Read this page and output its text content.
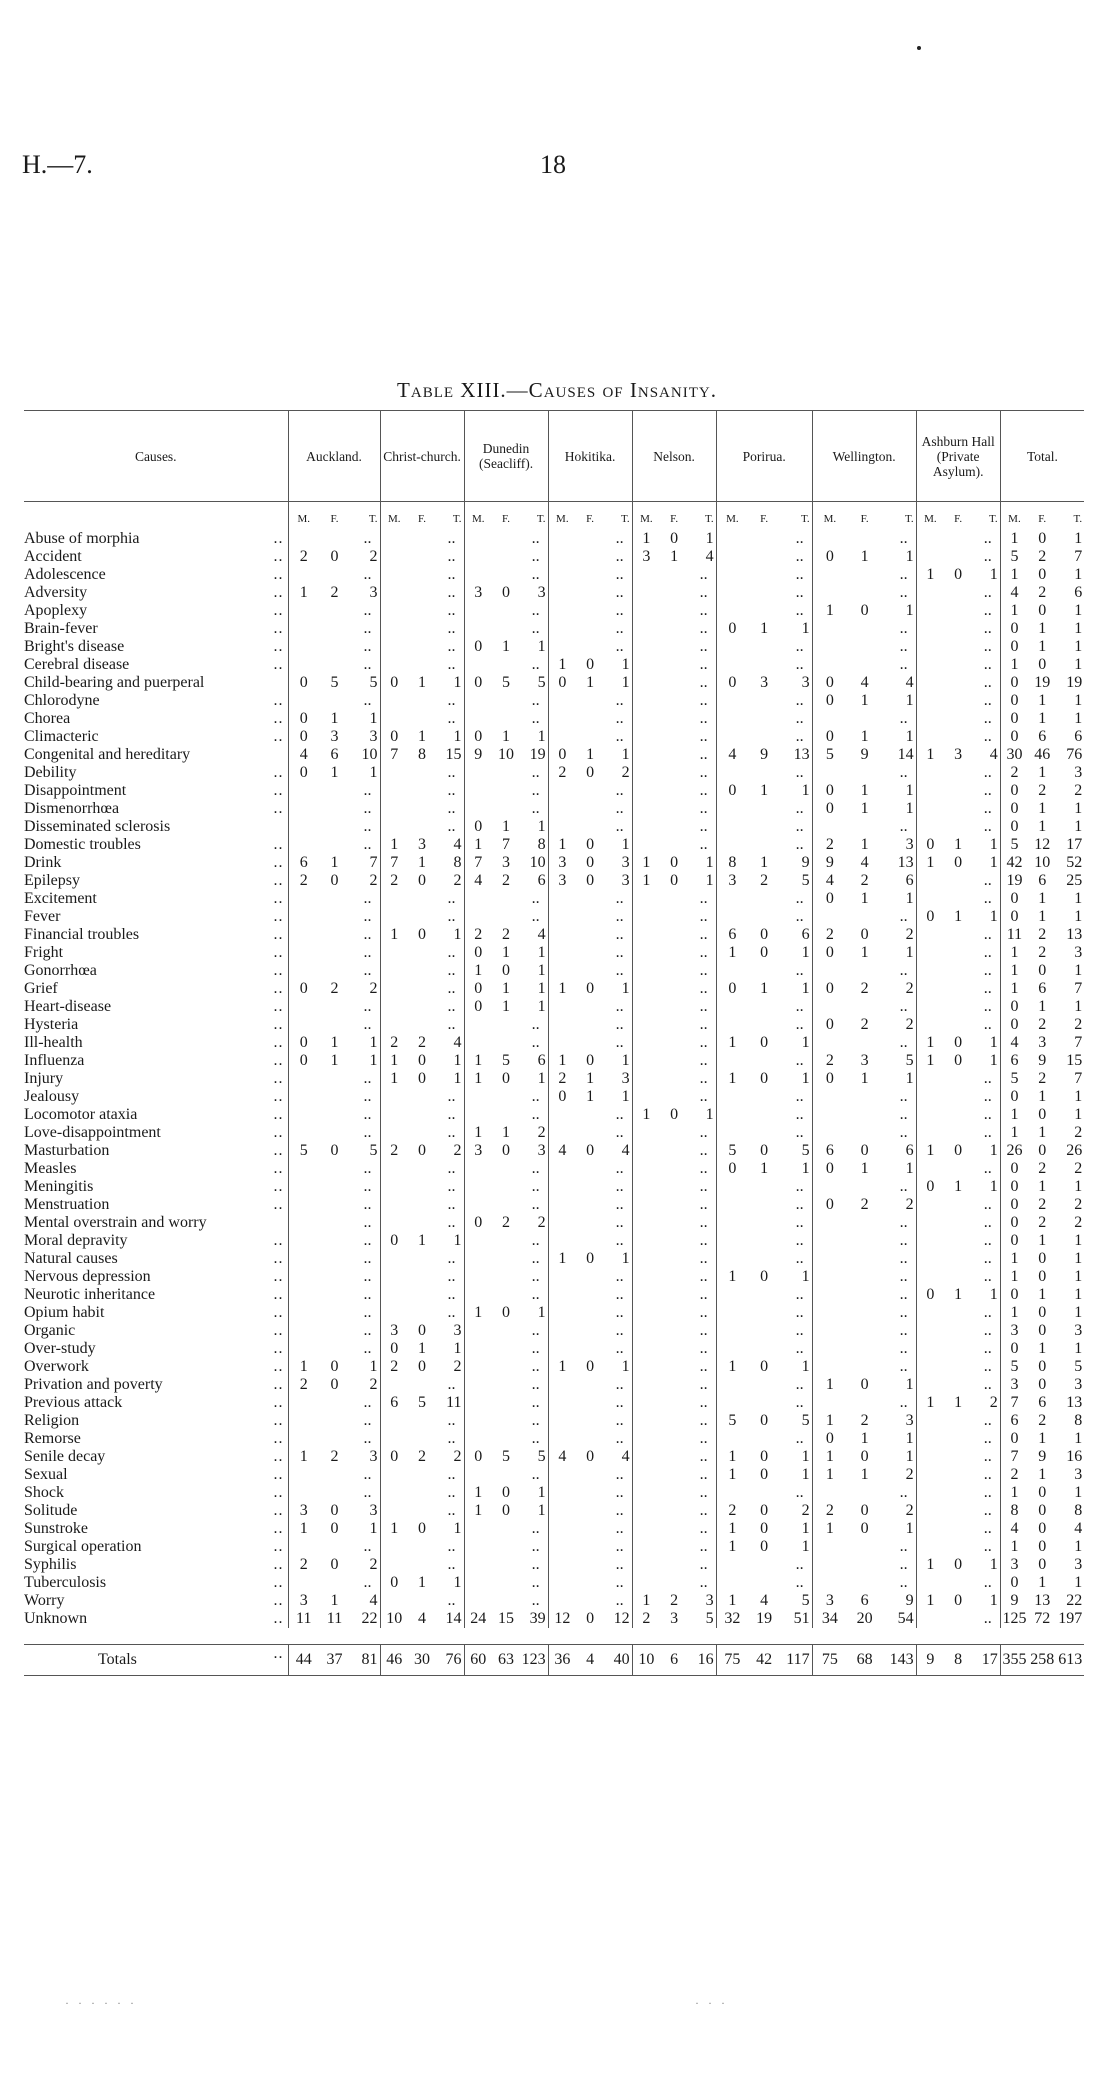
H.—7.	18
Table XIII.—Causes of Insanity.
Causes.	Auckland.			Christ-church.			Dunedin (Seacliff).			Hokitika.			Nelson.			Porirua.			Wellington.			Ashburn Hall (Private Asylum).			Total.		
	M.	F.	T.	M.	F.	T.	M.	F.	T.	M.	F.	T.	M.	F.	T.	M.	F.	T.	M.	F.	T.	M.	F.	T.	M.	F.	T.
Abuse of morphia ..	..			..			..			..			1	0	1	..			..			..			1	0	1
Accident ..	2	0	2	..			..			..			3	1	4	..			0	1	1	..			5	2	7
Adolescence ..	..			..			..			..			..			..			..			1	0	1	1	0	1
Adversity ..	1	2	3	..			3	0	3	..			..			..			..			..			4	2	6
Apoplexy ..	..			..			..			..			..			..			1	0	1	..			1	0	1
Brain-fever ..	..			..			..			..			..			0	1	1	..			..			0	1	1
Bright's disease ..	..			..			0	1	1	..			..			..			..			..			0	1	1
Cerebral disease ..	..			..			..			1	0	1	..			..			..			..			1	0	1
Child-bearing and puerperal	0	5	5	0	1	1	0	5	5	0	1	1	..			0	3	3	0	4	4	..			0	19	19
Chlorodyne ..	..			..			..			..			..			..			0	1	1	..			0	1	1
Chorea ..	0	1	1	..			..			..			..			..			..			..			0	1	1
Climacteric ..	0	3	3	0	1	1	0	1	1	..			..			..			0	1	1	..			0	6	6
Congenital and hereditary	4	6	10	7	8	15	9	10	19	0	1	1	..			4	9	13	5	9	14	1	3	4	30	46	76
Debility ..	0	1	1	..			..			2	0	2	..			..			..			..			2	1	3
Disappointment ..	..			..			..			..			..			0	1	1	0	1	1	..			0	2	2
Dismenorrhœa ..	..			..			..			..			..			..			0	1	1	..			0	1	1
Disseminated sclerosis	..			..			0	1	1	..			..			..			..			..			0	1	1
Domestic troubles ..	..			1	3	4	1	7	8	1	0	1	..			..			2	1	3	0	1	1	5	12	17
Drink ..	6	1	7	7	1	8	7	3	10	3	0	3	1	0	1	8	1	9	9	4	13	1	0	1	42	10	52
Epilepsy ..	2	0	2	2	0	2	4	2	6	3	0	3	1	0	1	3	2	5	4	2	6	..			19	6	25
Excitement ..	..			..			..			..			..			..			0	1	1	..			0	1	1
Fever ..	..			..			..			..			..			..			..			0	1	1	0	1	1
Financial troubles ..	..			1	0	1	2	2	4	..			..			6	0	6	2	0	2	..			11	2	13
Fright ..	..			..			0	1	1	..			..			1	0	1	0	1	1	..			1	2	3
Gonorrhœa ..	..			..			1	0	1	..			..			..			..			..			1	0	1
Grief ..	0	2	2	..			0	1	1	1	0	1	..			0	1	1	0	2	2	..			1	6	7
Heart-disease ..	..			..			0	1	1	..			..			..			..			..			0	1	1
Hysteria ..	..			..			..			..			..			..			0	2	2	..			0	2	2
Ill-health ..	0	1	1	2	2	4	..			..			..			1	0	1	..			1	0	1	4	3	7
Influenza ..	0	1	1	1	0	1	1	5	6	1	0	1	..			..			2	3	5	1	0	1	6	9	15
Injury ..	..			1	0	1	1	0	1	2	1	3	..			1	0	1	0	1	1	..			5	2	7
Jealousy ..	..			..			..			0	1	1	..			..			..			..			0	1	1
Locomotor ataxia ..	..			..			..			..			1	0	1	..			..			..			1	0	1
Love-disappointment ..	..			..			1	1	2	..			..			..			..			..			1	1	2
Masturbation ..	5	0	5	2	0	2	3	0	3	4	0	4	..			5	0	5	6	0	6	1	0	1	26	0	26
Measles ..	..			..			..			..			..			0	1	1	0	1	1	..			0	2	2
Meningitis ..	..			..			..			..			..			..			..			0	1	1	0	1	1
Menstruation ..	..			..			..			..			..			..			0	2	2	..			0	2	2
Mental overstrain and worry	..			..			0	2	2	..			..			..			..			..			0	2	2
Moral depravity ..	..			0	1	1	..			..			..			..			..			..			0	1	1
Natural causes ..	..			..			..			1	0	1	..			..			..			..			1	0	1
Nervous depression ..	..			..			..			..			..			1	0	1	..			..			1	0	1
Neurotic inheritance ..	..			..			..			..			..			..			..			0	1	1	0	1	1
Opium habit ..	..			..			1	0	1	..			..			..			..			..			1	0	1
Organic ..	..			3	0	3	..			..			..			..			..			..			3	0	3
Over-study ..	..			0	1	1	..			..			..			..			..			..			0	1	1
Overwork ..	1	0	1	2	0	2	..			1	0	1	..			1	0	1	..			..			5	0	5
Privation and poverty ..	2	0	2	..			..			..			..			..			1	0	1	..			3	0	3
Previous attack ..	..			6	5	11	..			..			..			..			..			1	1	2	7	6	13
Religion ..	..			..			..			..			..			5	0	5	1	2	3	..			6	2	8
Remorse ..	..			..			..			..			..			..			0	1	1	..			0	1	1
Senile decay ..	1	2	3	0	2	2	0	5	5	4	0	4	..			1	0	1	1	0	1	..			7	9	16
Sexual ..	..			..			..			..			..			1	0	1	1	1	2	..			2	1	3
Shock ..	..			..			1	0	1	..			..			..			..			..			1	0	1
Solitude ..	3	0	3	..			1	0	1	..			..			2	0	2	2	0	2	..			8	0	8
Sunstroke ..	1	0	1	1	0	1	..			..			..			1	0	1	1	0	1	..			4	0	4
Surgical operation ..	..			..			..			..			..			1	0	1	..			..			1	0	1
Syphilis ..	2	0	2	..			..			..			..			..			..			1	0	1	3	0	3
Tuberculosis ..	..			0	1	1	..			..			..			..			..			..			0	1	1
Worry ..	3	1	4	..			..			..			1	2	3	1	4	5	3	6	9	1	0	1	9	13	22
Unknown ..	11	11	22	10	4	14	24	15	39	12	0	12	2	3	5	32	19	51	34	20	54	..			125	72	197

Totals ..	44	37	81	46	30	76	60	63	123	36	4	40	10	6	16	75	42	117	75	68	143	9	8	17	355	258	613
· · · · · ·	· · ·
